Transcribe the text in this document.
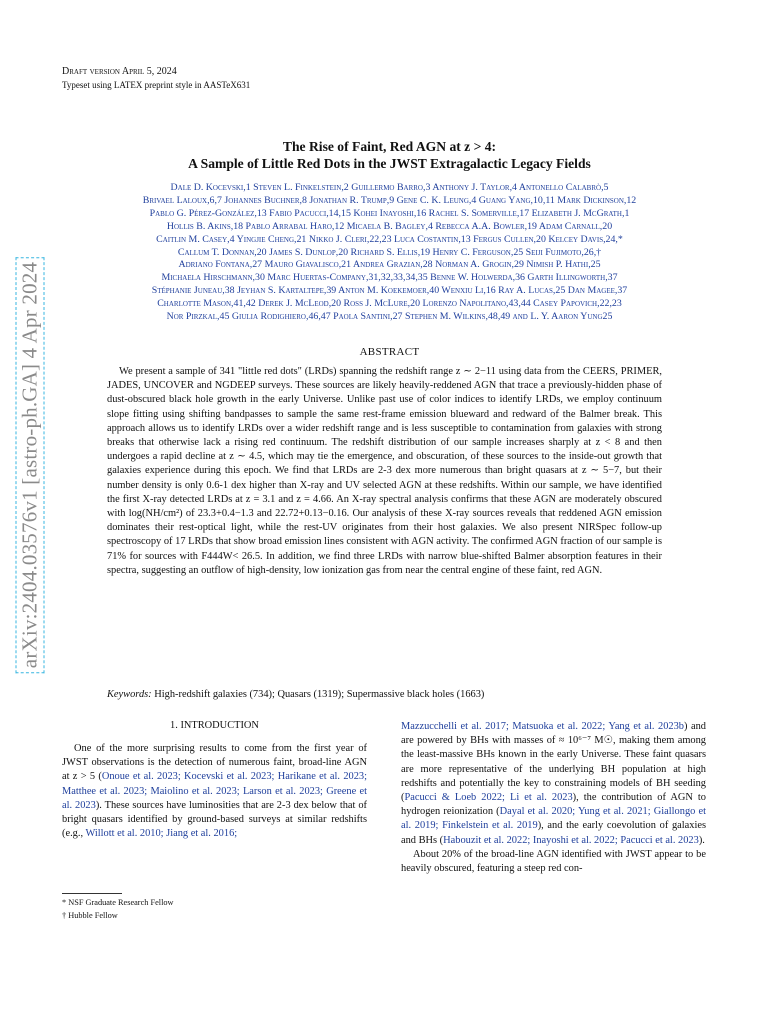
arXiv:2404.03576v1 [astro-ph.GA] 4 Apr 2024
Draft version April 5, 2024
Typeset using LATEX preprint style in AASTeX631
The Rise of Faint, Red AGN at z > 4:
A Sample of Little Red Dots in the JWST Extragalactic Legacy Fields
Dale D. Kocevski,1 Steven L. Finkelstein,2 Guillermo Barro,3 Anthony J. Taylor,4 Antonello Calabrò,5
Brivael Laloux,6,7 Johannes Buchner,8 Jonathan R. Trump,9 Gene C. K. Leung,4 Guang Yang,10,11 Mark Dickinson,12
Pablo G. Pérez-González,13 Fabio Pacucci,14,15 Kohei Inayoshi,16 Rachel S. Somerville,17 Elizabeth J. McGrath,1
Hollis B. Akins,18 Pablo Arrabal Haro,12 Micaela B. Bagley,4 Rebecca A.A. Bowler,19 Adam Carnall,20
Caitlin M. Casey,4 Yingjie Cheng,21 Nikko J. Cleri,22,23 Luca Costantin,13 Fergus Cullen,20 Kelcey Davis,24,*
Callum T. Donnan,20 James S. Dunlop,20 Richard S. Ellis,19 Henry C. Ferguson,25 Seiji Fujimoto,26,†
Adriano Fontana,27 Mauro Giavalisco,21 Andrea Grazian,28 Norman A. Grogin,29 Nimish P. Hathi,25
Michaela Hirschmann,30 Marc Huertas-Company,31,32,33,34,35 Benne W. Holwerda,36 Garth Illingworth,37
Stéphanie Juneau,38 Jeyhan S. Kartaltepe,39 Anton M. Koekemoer,40 Wenxiu Li,16 Ray A. Lucas,25 Dan Magee,37
Charlotte Mason,41,42 Derek J. McLeod,20 Ross J. McLure,20 Lorenzo Napolitano,43,44 Casey Papovich,22,23
Nor Pirzkal,45 Giulia Rodighiero,46,47 Paola Santini,27 Stephen M. Wilkins,48,49 and L. Y. Aaron Yung25
ABSTRACT

We present a sample of 341 "little red dots" (LRDs) spanning the redshift range z ∼ 2−11 using data from the CEERS, PRIMER, JADES, UNCOVER and NGDEEP surveys. These sources are likely heavily-reddened AGN that trace a previously-hidden phase of dust-obscured black hole growth in the early Universe. Unlike past use of color indices to identify LRDs, we employ continuum slope fitting using shifting bandpasses to sample the same rest-frame emission blueward and redward of the Balmer break. This approach allows us to identify LRDs over a wider redshift range and is less susceptible to contamination from galaxies with strong breaks that otherwise lack a rising red continuum. The redshift distribution of our sample increases sharply at z < 8 and then undergoes a rapid decline at z ∼ 4.5, which may tie the emergence, and obscuration, of these sources to the inside-out growth that galaxies experience during this epoch. We find that LRDs are 2-3 dex more numerous than bright quasars at z ∼ 5−7, but their number density is only 0.6-1 dex higher than X-ray and UV selected AGN at these redshifts. Within our sample, we have identified the first X-ray detected LRDs at z = 3.1 and z = 4.66. An X-ray spectral analysis confirms that these AGN are moderately obscured with log(NH/cm²) of 23.3+0.4−1.3 and 22.72+0.13−0.16. Our analysis of these X-ray sources reveals that reddened AGN emission dominates their rest-optical light, while the rest-UV originates from their host galaxies. We also present NIRSpec follow-up spectroscopy of 17 LRDs that show broad emission lines consistent with AGN activity. The confirmed AGN fraction of our sample is 71% for sources with F444W< 26.5. In addition, we find three LRDs with narrow blue-shifted Balmer absorption features in their spectra, suggesting an outflow of high-density, low ionization gas from near the central engine of these faint, red AGN.

Keywords: High-redshift galaxies (734); Quasars (1319); Supermassive black holes (1663)
1. INTRODUCTION

One of the more surprising results to come from the first year of JWST observations is the detection of numerous faint, broad-line AGN at z > 5 (Onoue et al. 2023; Kocevski et al. 2023; Harikane et al. 2023; Matthee et al. 2023; Maiolino et al. 2023; Larson et al. 2023; Greene et al. 2023). These sources have luminosities that are 2-3 dex below that of bright quasars identified by ground-based surveys at similar redshifts (e.g., Willott et al. 2010; Jiang et al. 2016;

Mazzucchelli et al. 2017; Matsuoka et al. 2022; Yang et al. 2023b) and are powered by BHs with masses of ≈ 10⁶⁻⁷ M☉, making them among the least-massive BHs known in the early Universe. These faint quasars are more representative of the underlying BH population at high redshifts and potentially the key to constraining models of BH seeding (Pacucci & Loeb 2022; Li et al. 2023), the contribution of AGN to hydrogen reionization (Dayal et al. 2020; Yung et al. 2021; Giallongo et al. 2019; Finkelstein et al. 2019), and the early coevolution of galaxies and BHs (Habouzit et al. 2022; Inayoshi et al. 2022; Pacucci et al. 2023).

About 20% of the broad-line AGN identified with JWST appear to be heavily obscured, featuring a steep red con-

* NSF Graduate Research Fellow
† Hubble Fellow
